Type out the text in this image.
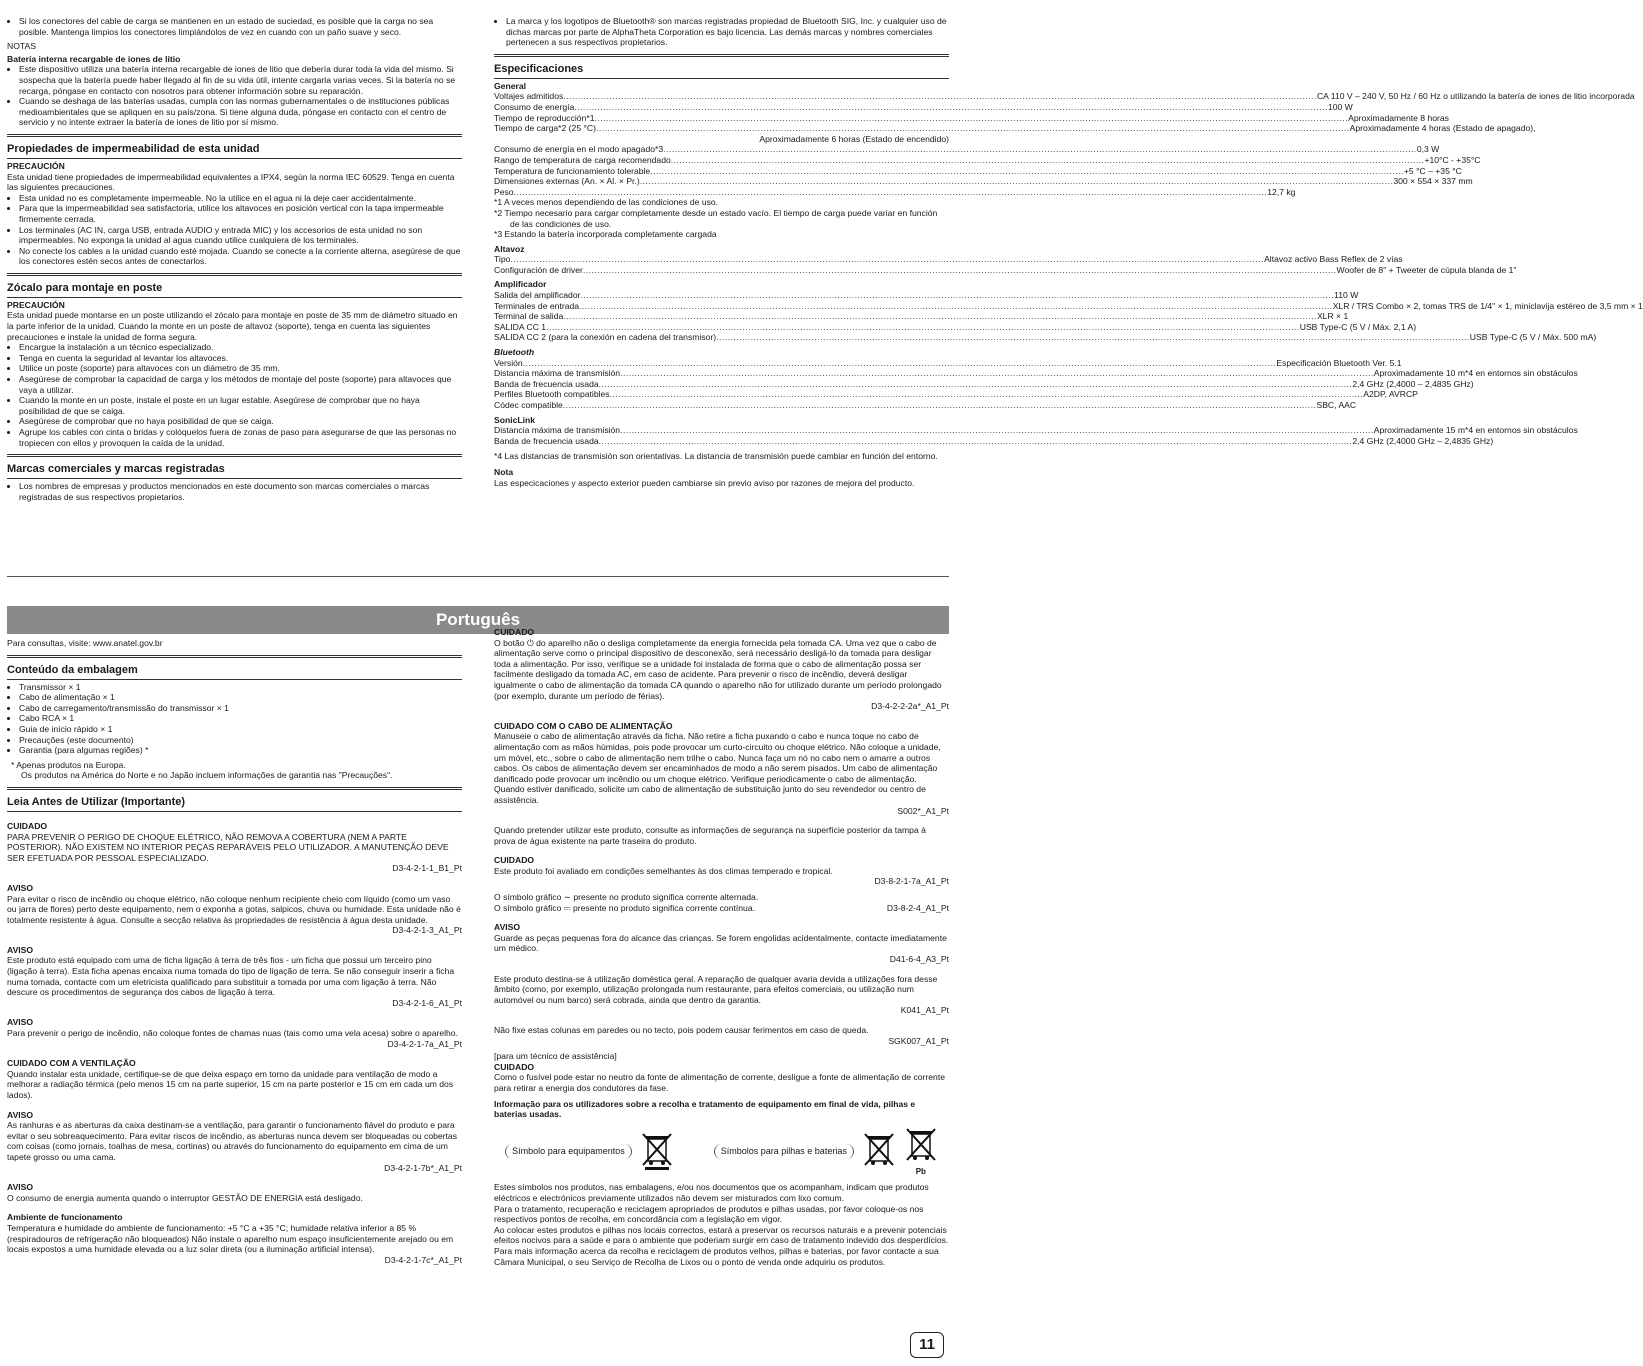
• Si los conectores del cable de carga se mantienen en un estado de suciedad, es posible que la carga no sea posible. Mantenga limpios los conectores limpiándolos de vez en cuando con un paño suave y seco.
NOTAS
Batería interna recargable de iones de litio
• Este dispositivo utiliza una batería interna recargable de iones de litio que debería durar toda la vida del mismo. Si sospecha que la batería puede haber llegado al fin de su vida útil, intente cargarla varias veces. Si la batería no se recarga, póngase en contacto con nosotros para obtener información sobre su reparación.
• Cuando se deshaga de las baterías usadas, cumpla con las normas gubernamentales o de instituciones públicas medioambientales que se apliquen en su país/zona. Si tiene alguna duda, póngase en contacto con el centro de servicio y no intente extraer la batería de iones de litio por sí mismo.
Propiedades de impermeabilidad de esta unidad
PRECAUCIÓN

Esta unidad tiene propiedades de impermeabilidad equivalentes a IPX4, según la norma IEC 60529. Tenga en cuenta las siguientes precauciones.

• Esta unidad no es completamente impermeable. No la utilice en el agua ni la deje caer accidentalmente.
• Para que la impermeabilidad sea satisfactoria, utilice los altavoces en posición vertical con la tapa impermeable firmemente cerrada.
• Los terminales (AC IN, carga USB, entrada AUDIO y entrada MIC) y los accesorios de esta unidad no son impermeables. No exponga la unidad al agua cuando utilice cualquiera de los terminales.
• No conecte los cables a la unidad cuando esté mojada. Cuando se conecte a la corriente alterna, asegúrese de que los conectores estén secos antes de conectarlos.
Zócalo para montaje en poste
PRECAUCIÓN

Esta unidad puede montarse en un poste utilizando el zócalo para montaje en poste de 35 mm de diámetro situado en la parte inferior de la unidad. Cuando la monte en un poste de altavoz (soporte), tenga en cuenta las siguientes precauciones e instale la unidad de forma segura.

• Encargue la instalación a un técnico especializado.
• Tenga en cuenta la seguridad al levantar los altavoces.
• Utilice un poste (soporte) para altavoces con un diámetro de 35 mm.
• Asegúrese de comprobar la capacidad de carga y los métodos de montaje del poste (soporte) para altavoces que vaya a utilizar.
• Cuando la monte en un poste, instale el poste en un lugar estable. Asegúrese de comprobar que no haya posibilidad de que se caiga.
• Asegúrese de comprobar que no haya posibilidad de que se caiga.
• Agrupe los cables con cinta o bridas y colóquelos fuera de zonas de paso para asegurarse de que las personas no tropiecen con ellos y provoquen la caída de la unidad.
Marcas comerciales y marcas registradas
• Los nombres de empresas y productos mencionados en este documento son marcas comerciales o marcas registradas de sus respectivos propietarios.
• La marca y los logotipos de Bluetooth® son marcas registradas propiedad de Bluetooth SIG, Inc. y cualquier uso de dichas marcas por parte de AlphaTheta Corporation es bajo licencia. Las demás marcas y nombres comerciales pertenecen a sus respectivos propietarios.
Especificaciones
General
Voltajes admitidos .....	CA 110 V – 240 V, 50 Hz / 60 Hz o utilizando la batería de iones de litio incorporada
Consumo de energía .....	100 W
Tiempo de reproducción*1 .....	Aproximadamente 8 horas
Tiempo de carga*2 (25 °C) .....	Aproximadamente 4 horas (Estado de apagado),
Aproximadamente 6 horas (Estado de encendido)
Consumo de energía en el modo apagado*3 .....	0,3 W
Rango de temperatura de carga recomendado .....	+10°C - +35°C
Temperatura de funcionamiento tolerable .....	+5 °C – +35 °C
Dimensiones externas (An. × Al. × Pr.) .....	300 × 554 × 337 mm
Peso .....	12,7 kg

*1 A veces menos dependiendo de las condiciones de uso.

*2 Tiempo necesario para cargar completamente desde un estado vacío. El tiempo de carga puede variar en función de las condiciones de uso.

*3 Estando la batería incorporada completamente cargada

Altavoz
Tipo .....	Altavoz activo Bass Reflex de 2 vías
Configuración de driver .....	Woofer de 8" + Tweeter de cúpula blanda de 1"
Amplificador
Salida del amplificador .....	110 W
Terminales de entrada .....	XLR / TRS Combo × 2, tomas TRS de 1/4" × 1, miniclavija estéreo de 3,5 mm × 1
Terminal de salida .....	XLR × 1
SALIDA CC 1 .....	USB Type-C (5 V / Máx. 2,1 A)
SALIDA CC 2 (para la conexión en cadena del transmisor) .....	USB Type-C (5 V / Máx. 500 mA)
Bluetooth
Versión .....	Especificación Bluetooth Ver. 5.1
Distancia máxima de transmisión .....	Aproximadamente 10 m*4 en entornos sin obstáculos
Banda de frecuencia usada .....	2,4 GHz (2,4000 – 2,4835 GHz)
Perfiles Bluetooth compatibles .....	A2DP, AVRCP
Códec compatible .....	SBC, AAC
SonicLink
Distancia máxima de transmisión .....	Aproximadamente 15 m*4 en entornos sin obstáculos
Banda de frecuencia usada .....	2,4 GHz (2,4000 GHz – 2,4835 GHz)

*4 Las distancias de transmisión son orientativas. La distancia de transmisión puede cambiar en función del entorno.

Nota

Las especicaciones y aspecto exterior pueden cambiarse sin previo aviso por razones de mejora del producto.

Português

Para consultas, visite: www.anatel.gov.br

Conteúdo da embalagem
• Transmissor × 1
• Cabo de alimentação × 1
• Cabo de carregamento/transmissão do transmissor × 1
• Cabo RCA × 1
• Guia de início rápido × 1
• Precauções (este documento)
• Garantia (para algumas regiões) *

* Apenas produtos na Europa.

Os produtos na América do Norte e no Japão incluem informações de garantia nas "Precauções".

Leia Antes de Utilizar (Importante)
CUIDADO

PARA PREVENIR O PERIGO DE CHOQUE ELÉTRICO, NÃO REMOVA A COBERTURA (NEM A PARTE POSTERIOR). NÃO EXISTEM NO INTERIOR PEÇAS REPARÁVEIS PELO UTILIZADOR. A MANUTENÇÃO DEVE SER EFETUADA POR PESSOAL ESPECIALIZADO.

D3-4-2-1-1_B1_Pt
AVISO

Para evitar o risco de incêndio ou choque elétrico, não coloque nenhum recipiente cheio com líquido (como um vaso ou jarra de flores) perto deste equipamento, nem o exponha a gotas, salpicos, chuva ou humidade. Esta unidade não é totalmente resistente à água. Consulte a secção relativa às propriedades de resistência à água desta unidade.

D3-4-2-1-3_A1_Pt
AVISO

Este produto está equipado com uma de ficha ligação à terra de três fios - um ficha que possui um terceiro pino (ligação à terra). Esta ficha apenas encaixa numa tomada do tipo de ligação de terra. Se não conseguir inserir a ficha numa tomada, contacte com um eletricista qualificado para substituir a tomada por uma com ligação à terra. Não descure os procedimentos de segurança dos cabos de ligação à terra.

D3-4-2-1-6_A1_Pt
AVISO

Para prevenir o perigo de incêndio, não coloque fontes de chamas nuas (tais como uma vela acesa) sobre o aparelho.

D3-4-2-1-7a_A1_Pt
CUIDADO COM A VENTILAÇÃO

Quando instalar esta unidade, certifique-se de que deixa espaço em torno da unidade para ventilação de modo a melhorar a radiação térmica (pelo menos 15 cm na parte superior, 15 cm na parte posterior e 15 cm em cada um dos lados).

AVISO

As ranhuras e as aberturas da caixa destinam-se a ventilação, para garantir o funcionamento fiável do produto e para evitar o seu sobreaquecimento. Para evitar riscos de incêndio, as aberturas nunca devem ser bloqueadas ou cobertas com coisas (como jornais, toalhas de mesa, cortinas) ou através do funcionamento do equipamento em cima de um tapete grosso ou uma cama.

D3-4-2-1-7b*_A1_Pt
AVISO

O consumo de energia aumenta quando o interruptor GESTÃO DE ENERGIA está desligado.

Ambiente de funcionamento

Temperatura e humidade do ambiente de funcionamento: +5 °C a +35 °C; humidade relativa inferior a 85 % (respiradouros de refrigeração não bloqueados) Não instale o aparelho num espaço insuficientemente arejado ou em locais expostos a uma humidade elevada ou a luz solar direta (ou a iluminação artificial intensa).

D3-4-2-1-7c*_A1_Pt
CUIDADO

O botão ⏻ do aparelho não o desliga completamente da energia fornecida pela tomada CA. Uma vez que o cabo de alimentação serve como o principal dispositivo de desconexão, será necessário desligá-lo da tomada para desligar toda a alimentação. Por isso, verifique se a unidade foi instalada de forma que o cabo de alimentação possa ser facilmente desligado da tomada AC, em caso de acidente. Para prevenir o risco de incêndio, deverá desligar igualmente o cabo de alimentação da tomada CA quando o aparelho não for utilizado durante um período prolongado (por exemplo, durante um período de férias).

D3-4-2-2-2a*_A1_Pt
CUIDADO COM O CABO DE ALIMENTAÇÃO

Manuseie o cabo de alimentação através da ficha. Não retire a ficha puxando o cabo e nunca toque no cabo de alimentação com as mãos húmidas, pois pode provocar um curto-circuito ou choque elétrico. Não coloque a unidade, um móvel, etc., sobre o cabo de alimentação nem trilhe o cabo. Nunca faça um nó no cabo nem o amarre a outros cabos. Os cabos de alimentação devem ser encaminhados de modo a não serem pisados. Um cabo de alimentação danificado pode provocar um incêndio ou um choque elétrico. Verifique periodicamente o cabo de alimentação. Quando estiver danificado, solicite um cabo de alimentação de substituição junto do seu revendedor ou centro de assistência.

S002*_A1_Pt

Quando pretender utilizar este produto, consulte as informações de segurança na superfície posterior da tampa à prova de água existente na parte traseira do produto.

CUIDADO

Este produto foi avaliado em condições semelhantes às dos climas temperado e tropical.

D3-8-2-1-7a_A1_Pt

O símbolo gráfico ∼ presente no produto significa corrente alternada.

O símbolo gráfico ⎓ presente no produto significa corrente contínua.	D3-8-2-4_A1_Pt
AVISO

Guarde as peças pequenas fora do alcance das crianças. Se forem engolidas acidentalmente, contacte imediatamente um médico.

D41-6-4_A3_Pt

Este produto destina-se à utilização doméstica geral. A reparação de qualquer avaria devida a utilizações fora desse âmbito (como, por exemplo, utilização prolongada num restaurante, para efeitos comerciais, ou utilização num automóvel ou num barco) será cobrada, ainda que dentro da garantia.

K041_A1_Pt

Não fixe estas colunas em paredes ou no tecto, pois podem causar ferimentos em caso de queda.

SGK007_A1_Pt

[para um técnico de assistência]

CUIDADO

Como o fusível pode estar no neutro da fonte de alimentação de corrente, desligue a fonte de alimentação de corrente para retirar a energia dos condutores da fase.

Informação para os utilizadores sobre a recolha e tratamento de equipamento em final de vida, pilhas e baterias usadas.
Símbolo para equipamentos	Símbolos para pilhas e baterias
Pb

Estes símbolos nos produtos, nas embalagens, e/ou nos documentos que os acompanham, indicam que produtos eléctricos e electrónicos previamente utilizados não devem ser misturados com lixo comum.

Para o tratamento, recuperação e reciclagem apropriados de produtos e pilhas usadas, por favor coloque-os nos respectivos pontos de recolha, em concordância com a legislação em vigor.

Ao colocar estes produtos e pilhas nos locais correctos, estará a preservar os recursos naturais e a prevenir potenciais efeitos nocivos para a saúde e para o ambiente que poderiam surgir em caso de tratamento indevido dos desperdícios.

Para mais informação acerca da recolha e reciclagem de produtos velhos, pilhas e baterias, por favor contacte a sua Câmara Municipal, o seu Serviço de Recolha de Lixos ou o ponto de venda onde adquiriu os produtos.

11
